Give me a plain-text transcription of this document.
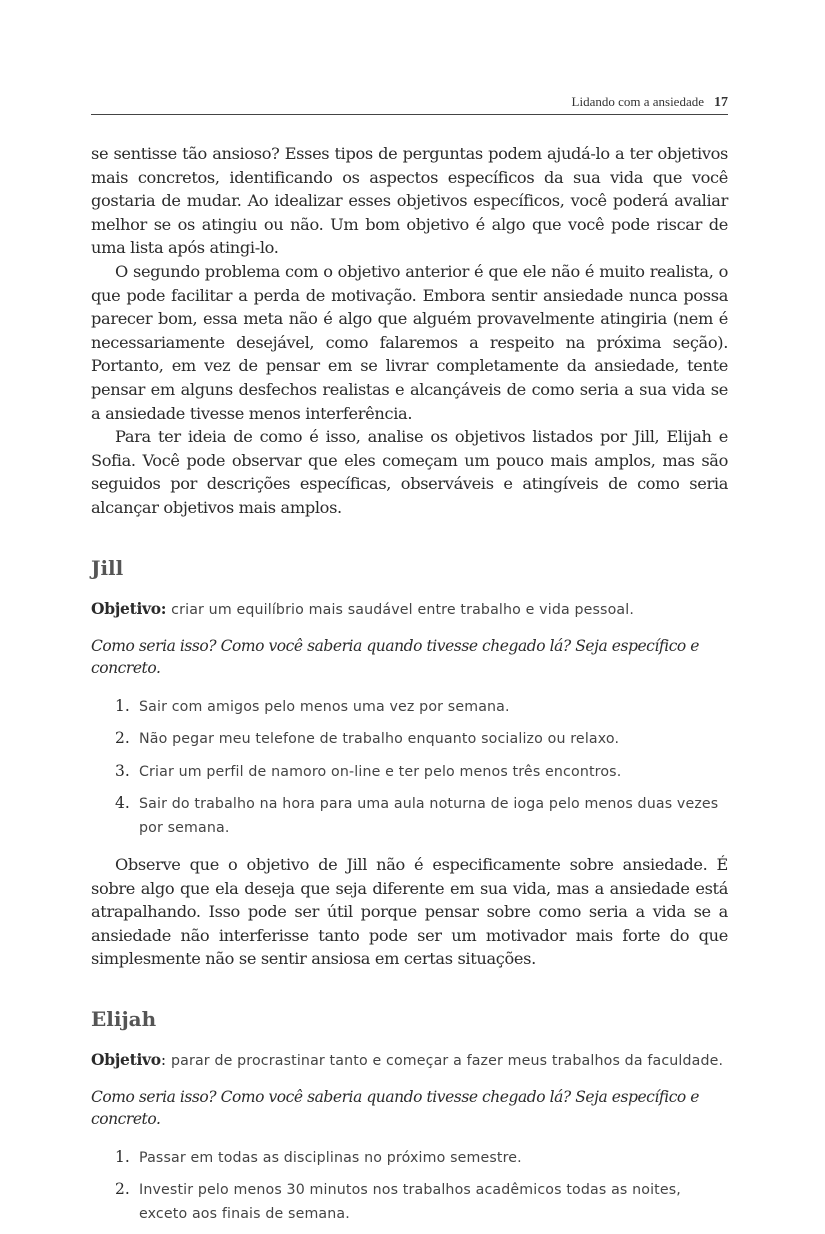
Lidando com a ansiedade 17

se sentisse tão ansioso? Esses tipos de perguntas podem ajudá-lo a ter objetivos mais concretos, identificando os aspectos específicos da sua vida que você gostaria de mudar. Ao idealizar esses objetivos específicos, você poderá avaliar melhor se os atingiu ou não. Um bom objetivo é algo que você pode riscar de uma lista após atingi-lo.

O segundo problema com o objetivo anterior é que ele não é muito realista, o que pode facilitar a perda de motivação. Embora sentir ansiedade nunca possa parecer bom, essa meta não é algo que alguém provavelmente atingiria (nem é necessariamente desejável, como falaremos a respeito na próxima seção). Portanto, em vez de pensar em se livrar completamente da ansiedade, tente pensar em alguns desfechos realistas e alcançáveis de como seria a sua vida se a ansiedade tivesse menos interferência.

Para ter ideia de como é isso, analise os objetivos listados por Jill, Elijah e Sofia. Você pode observar que eles começam um pouco mais amplos, mas são seguidos por descrições específicas, observáveis e atingíveis de como seria alcançar objetivos mais amplos.

Jill
Objetivo: criar um equilíbrio mais saudável entre trabalho e vida pessoal.
Como seria isso? Como você saberia quando tivesse chegado lá? Seja específico e concreto.
1. Sair com amigos pelo menos uma vez por semana.
2. Não pegar meu telefone de trabalho enquanto socializo ou relaxo.
3. Criar um perfil de namoro on-line e ter pelo menos três encontros.
4. Sair do trabalho na hora para uma aula noturna de ioga pelo menos duas vezes por semana.

Observe que o objetivo de Jill não é especificamente sobre ansiedade. É sobre algo que ela deseja que seja diferente em sua vida, mas a ansiedade está atrapalhando. Isso pode ser útil porque pensar sobre como seria a vida se a ansiedade não interferisse tanto pode ser um motivador mais forte do que simplesmente não se sentir ansiosa em certas situações.

Elijah
Objetivo: parar de procrastinar tanto e começar a fazer meus trabalhos da faculdade.
Como seria isso? Como você saberia quando tivesse chegado lá? Seja específico e concreto.
1. Passar em todas as disciplinas no próximo semestre.
2. Investir pelo menos 30 minutos nos trabalhos acadêmicos todas as noites, exceto aos finais de semana.
